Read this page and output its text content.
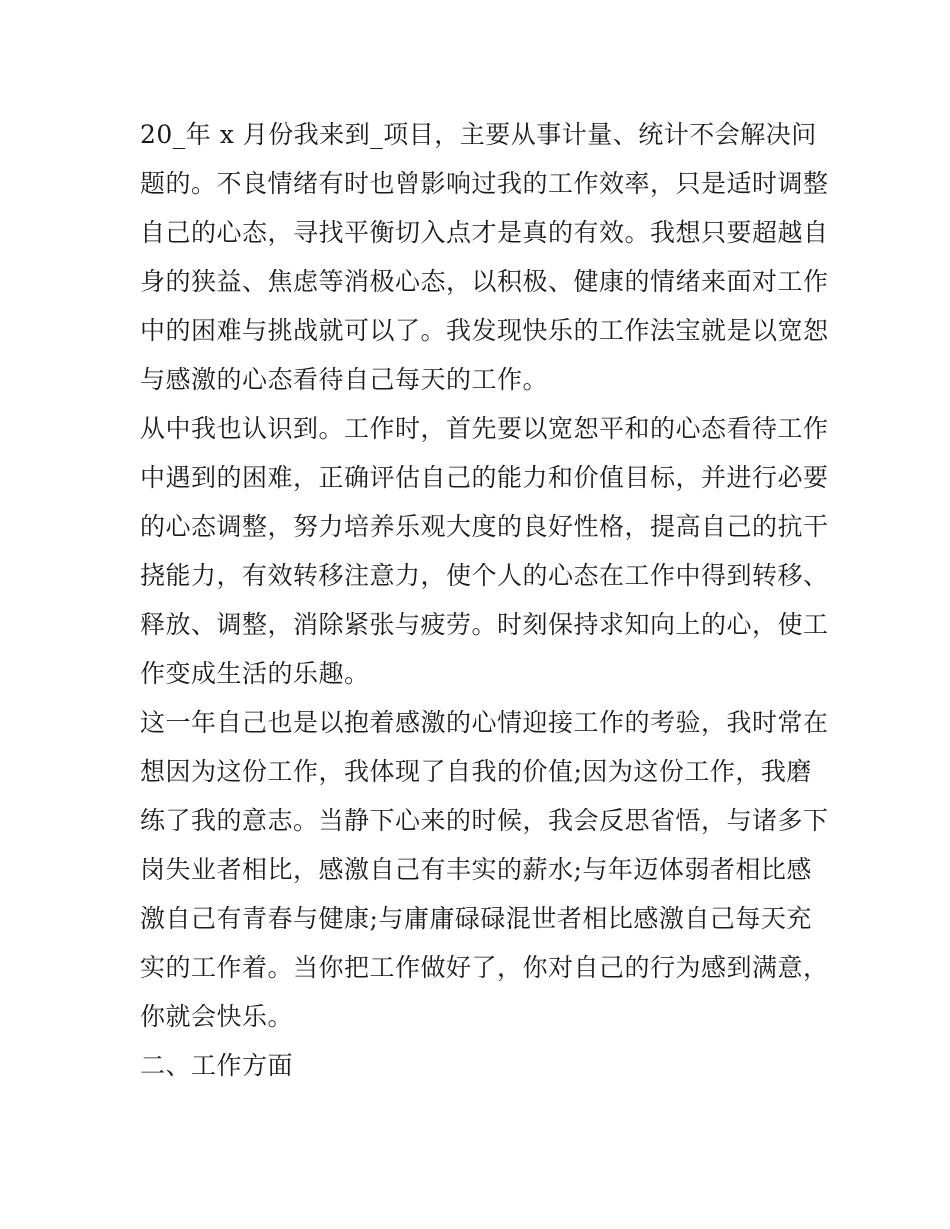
20_年 x 月份我来到_项目，主要从事计量、统计不会解决问
题的。不良情绪有时也曾影响过我的工作效率，只是适时调整
自己的心态，寻找平衡切入点才是真的有效。我想只要超越自
身的狭益、焦虑等消极心态，以积极、健康的情绪来面对工作
中的困难与挑战就可以了。我发现快乐的工作法宝就是以宽恕
与感激的心态看待自己每天的工作。
从中我也认识到。工作时，首先要以宽恕平和的心态看待工作
中遇到的困难，正确评估自己的能力和价值目标，并进行必要
的心态调整，努力培养乐观大度的良好性格，提高自己的抗干
挠能力，有效转移注意力，使个人的心态在工作中得到转移、
释放、调整，消除紧张与疲劳。时刻保持求知向上的心，使工
作变成生活的乐趣。
这一年自己也是以抱着感激的心情迎接工作的考验，我时常在
想因为这份工作，我体现了自我的价值;因为这份工作，我磨
练了我的意志。当静下心来的时候，我会反思省悟，与诸多下
岗失业者相比，感激自己有丰实的薪水;与年迈体弱者相比感
激自己有青春与健康;与庸庸碌碌混世者相比感激自己每天充
实的工作着。当你把工作做好了，你对自己的行为感到满意，
你就会快乐。
二、工作方面
